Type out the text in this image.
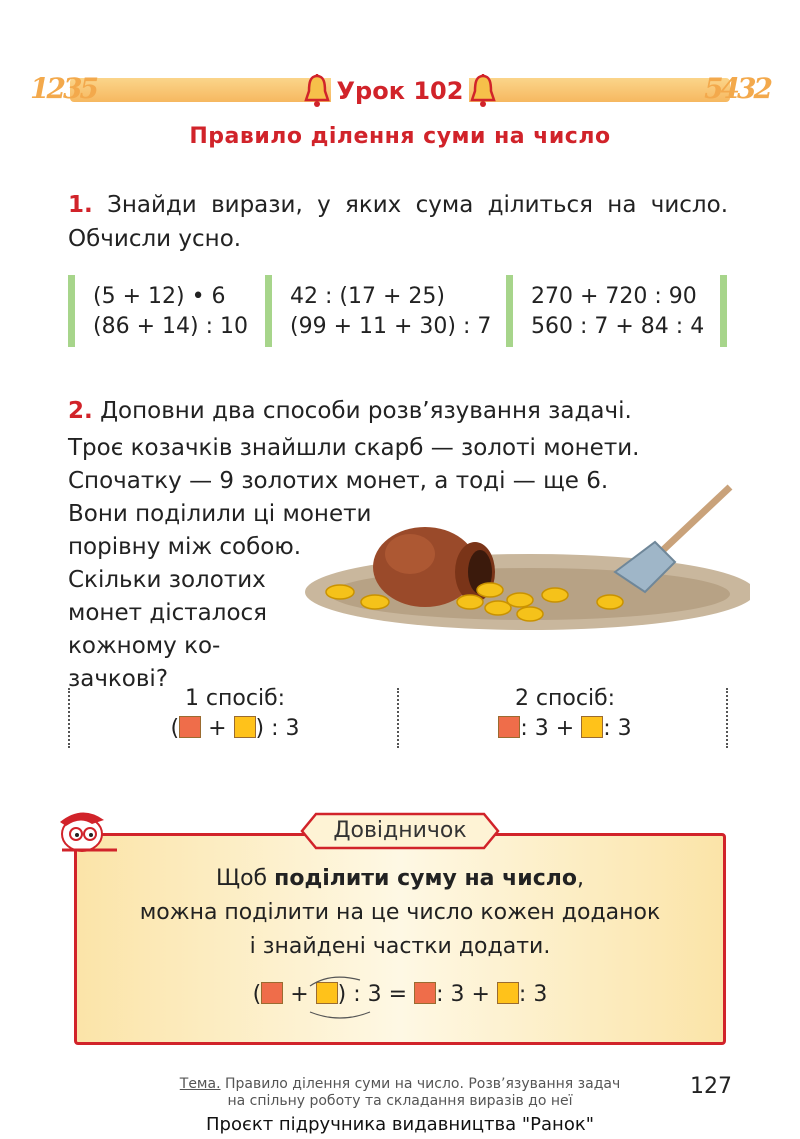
1235	5432
Урок 102
Правило ділення суми на число
1. Знайди вирази, у яких сума ділиться на число. Обчисли усно.
(5 + 12) • 6
(86 + 14) : 10
42 : (17 + 25)
(99 + 11 + 30) : 7
270 + 720 : 90
560 : 7 + 84 : 4
2. Доповни два способи розв’язування задачі.
Троє козачків знайшли скарб — золоті монети.
Спочатку — 9 золотих монет, а тоді — ще 6.
Вони поділили ці монети
порівну між собою.
Скільки золотих
монет дісталося
кожному ко-
зачкові?
1 спосіб:
( + ) : 3
2 спосіб:
: 3 + : 3
Довідничок
Щоб поділити суму на число,
можна поділити на це число кожен доданок
і знайдені частки додати.
( + ) : 3 = : 3 + : 3
Тема. Правило ділення суми на число. Розв’язування задач
на спільну роботу та складання виразів до неї
127
Проєкт підручника видавництва "Ранок"
